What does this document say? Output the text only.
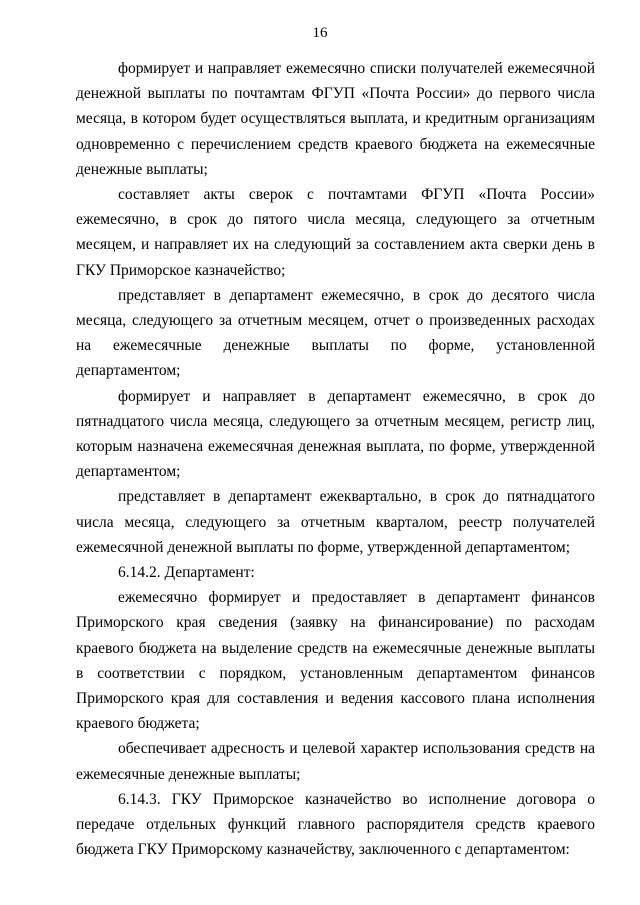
16

формирует и направляет ежемесячно списки получателей ежемесячной денежной выплаты по почтамтам ФГУП «Почта России» до первого числа месяца, в котором будет осуществляться выплата, и кредитным организациям одновременно с перечислением средств краевого бюджета на ежемесячные денежные выплаты;

составляет акты сверок с почтамтами ФГУП «Почта России» ежемесячно, в срок до пятого числа месяца, следующего за отчетным месяцем, и направляет их на следующий за составлением акта сверки день в ГКУ Приморское казначейство;

представляет в департамент ежемесячно, в срок до десятого числа месяца, следующего за отчетным месяцем, отчет о произведенных расходах на ежемесячные денежные выплаты по форме, установленной департаментом;

формирует и направляет в департамент ежемесячно, в срок до пятнадцатого числа месяца, следующего за отчетным месяцем, регистр лиц, которым назначена ежемесячная денежная выплата, по форме, утвержденной департаментом;

представляет в департамент ежеквартально, в срок до пятнадцатого числа месяца, следующего за отчетным кварталом, реестр получателей ежемесячной денежной выплаты по форме, утвержденной департаментом;

6.14.2. Департамент:

ежемесячно формирует и предоставляет в департамент финансов Приморского края сведения (заявку на финансирование) по расходам краевого бюджета на выделение средств на ежемесячные денежные выплаты в соответствии с порядком, установленным департаментом финансов Приморского края для составления и ведения кассового плана исполнения краевого бюджета;

обеспечивает адресность и целевой характер использования средств на ежемесячные денежные выплаты;

6.14.3. ГКУ Приморское казначейство во исполнение договора о передаче отдельных функций главного распорядителя средств краевого бюджета ГКУ Приморскому казначейству, заключенного с департаментом:
